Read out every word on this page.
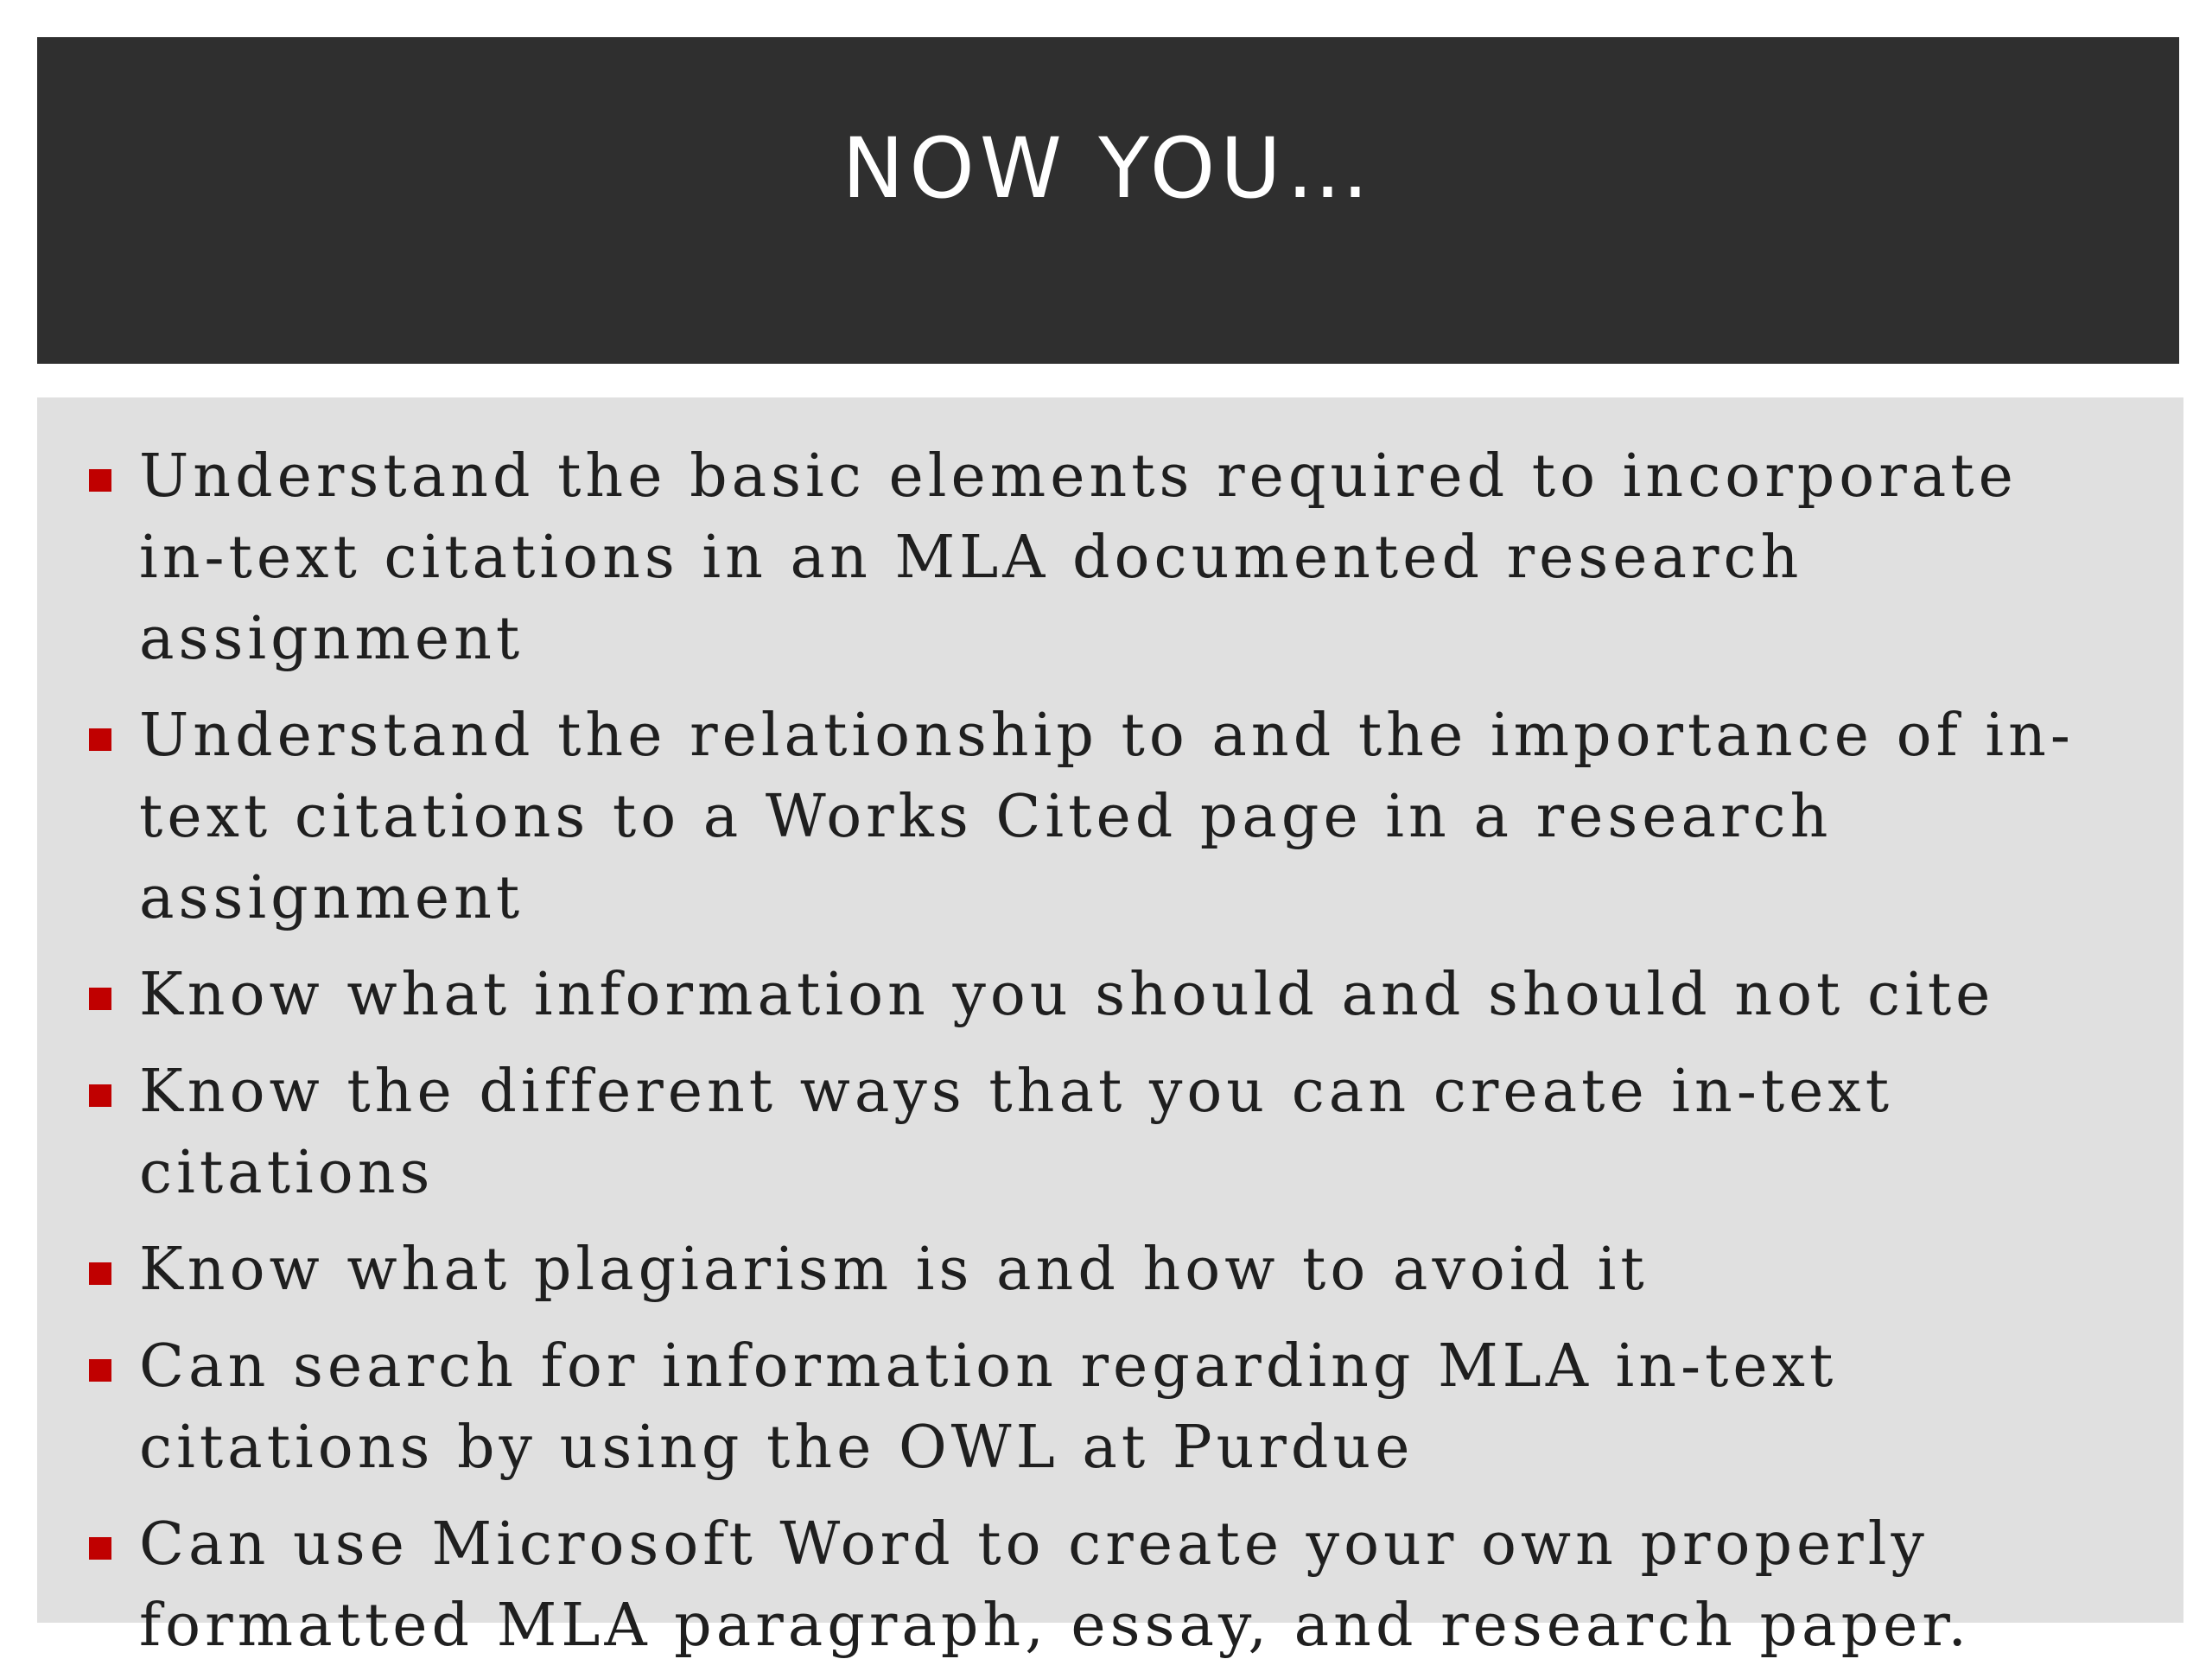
NOW YOU…
Understand the basic elements required to incorporate in-text citations in an MLA documented research assignment
Understand the relationship to and the importance of in-text citations to a Works Cited page in a research assignment
Know what information you should and should not cite
Know the different ways that you can create in-text citations
Know what plagiarism is and how to avoid it
Can search for information regarding MLA in-text citations by using the OWL at Purdue
Can use Microsoft Word to create your own properly formatted MLA paragraph, essay, and research paper.
